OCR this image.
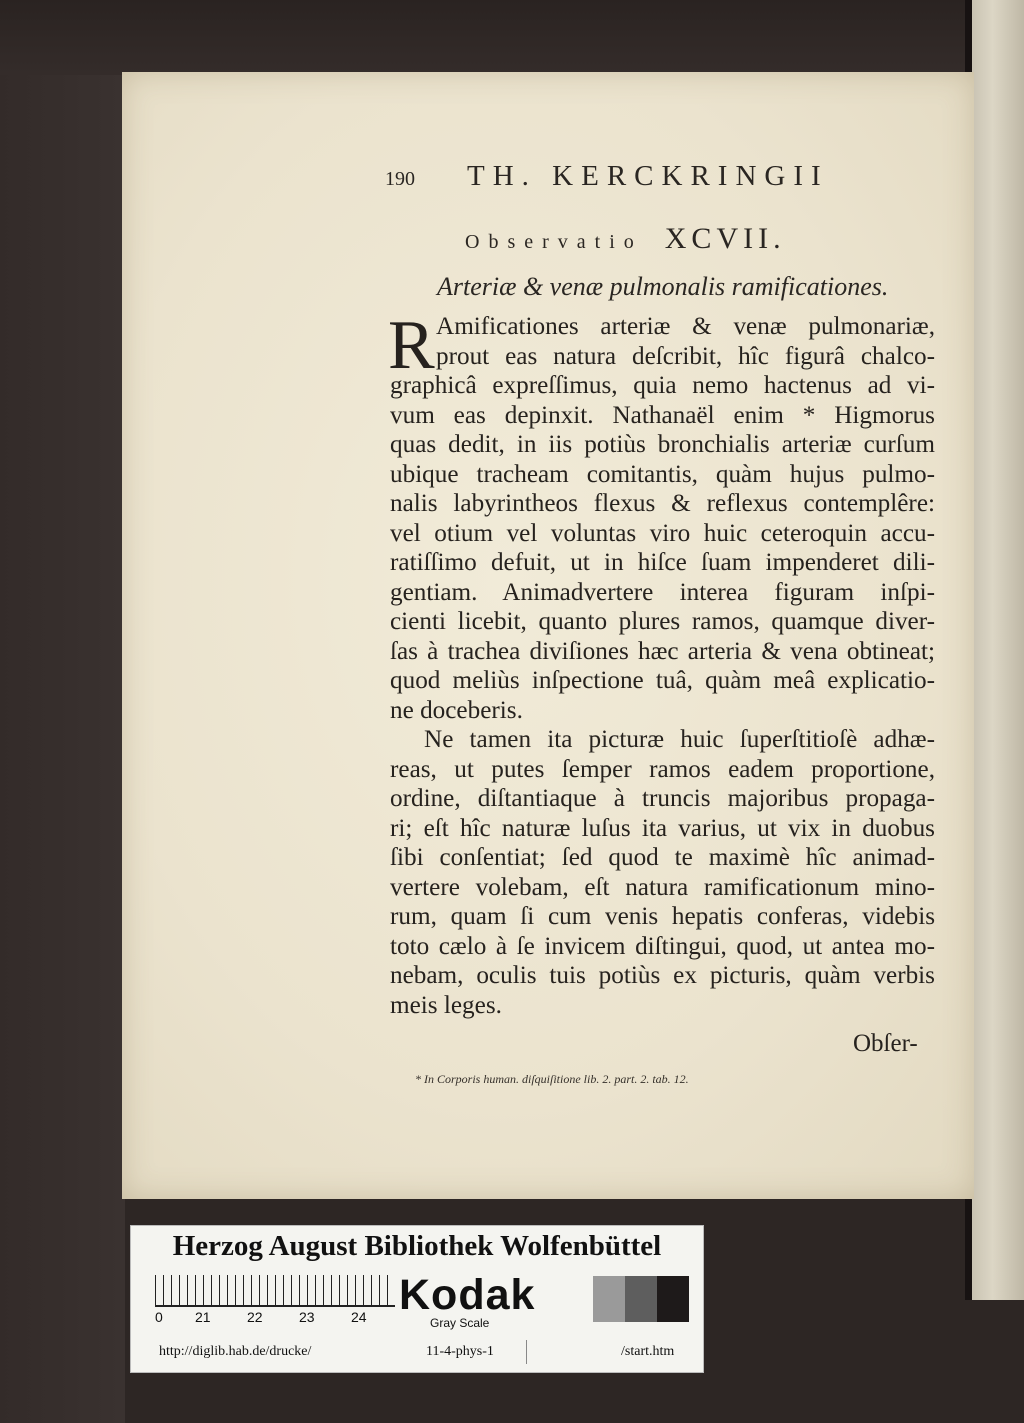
190 TH. KERCKRINGII
Observatio XCVII.
Arteriæ & venæ pulmonalis ramificationes.
R Amificationes arteriæ & venæ pulmonariæ,
prout eas natura deſcribit, hîc figurâ chalco-
graphicâ expreſſimus, quia nemo hactenus ad vi-
vum eas depinxit. Nathanaël enim * Higmorus
quas dedit, in iis potiùs bronchialis arteriæ curſum
ubique tracheam comitantis, quàm hujus pulmo-
nalis labyrintheos flexus & reflexus contemplêre:
vel otium vel voluntas viro huic ceteroquin accu-
ratiſſimo defuit, ut in hiſce ſuam impenderet dili-
gentiam. Animadvertere interea figuram inſpi-
cienti licebit, quanto plures ramos, quamque diver-
ſas à trachea diviſiones hæc arteria & vena obtineat;
quod meliùs inſpectione tuâ, quàm meâ explicatio-
ne doceberis.
Ne tamen ita picturæ huic ſuperſtitioſè adhæ-
reas, ut putes ſemper ramos eadem proportione,
ordine, diſtantiaque à truncis majoribus propaga-
ri; eſt hîc naturæ luſus ita varius, ut vix in duobus
ſibi conſentiat; ſed quod te maximè hîc animad-
vertere volebam, eſt natura ramificationum mino-
rum, quam ſi cum venis hepatis conferas, videbis
toto cælo à ſe invicem diſtingui, quod, ut antea mo-
nebam, oculis tuis potiùs ex picturis, quàm verbis
meis leges.
Obſer-
* In Corporis human. diſquiſitione lib. 2. part. 2. tab. 12.
Herzog August Bibliothek Wolfenbüttel
0 21	22	23	24 Kodak
Gray Scale
http://diglib.hab.de/drucke/	11-4-phys-1	/start.htm
